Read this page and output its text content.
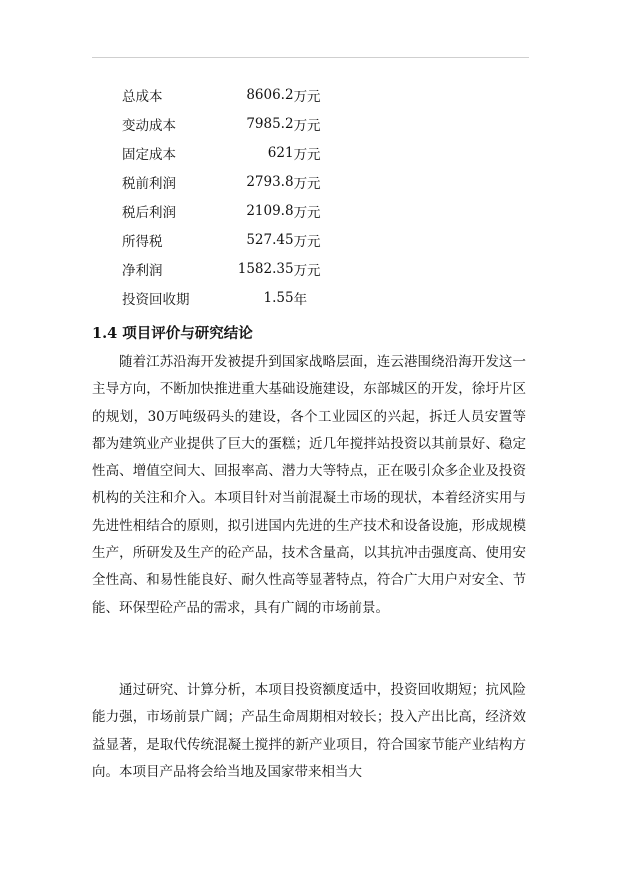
总成本	8606.2 万元
变动成本	7985.2 万元
固定成本	621 万元
税前利润	2793.8 万元
税后利润	2109.8 万元
所得税	527.45 万元
净利润	1582.35 万元
投资回收期	1.55 年
1.4 项目评价与研究结论

随着江苏沿海开发被提升到国家战略层面，连云港围绕沿海开发这一主导方向，不断加快推进重大基础设施建设，东部城区的开发，徐圩片区的规划，30万吨级码头的建设，各个工业园区的兴起，拆迁人员安置等都为建筑业产业提供了巨大的蛋糕；近几年搅拌站投资以其前景好、稳定性高、增值空间大、回报率高、潜力大等特点，正在吸引众多企业及投资机构的关注和介入。本项目针对当前混凝土市场的现状，本着经济实用与先进性相结合的原则，拟引进国内先进的生产技术和设备设施，形成规模生产，所研发及生产的砼产品，技术含量高，以其抗冲击强度高、使用安全性高、和易性能良好、耐久性高等显著特点，符合广大用户对安全、节能、环保型砼产品的需求，具有广阔的市场前景。

通过研究、计算分析，本项目投资额度适中，投资回收期短；抗风险能力强，市场前景广阔；产品生命周期相对较长；投入产出比高，经济效益显著，是取代传统混凝土搅拌的新产业项目，符合国家节能产业结构方向。本项目产品将会给当地及国家带来相当大
